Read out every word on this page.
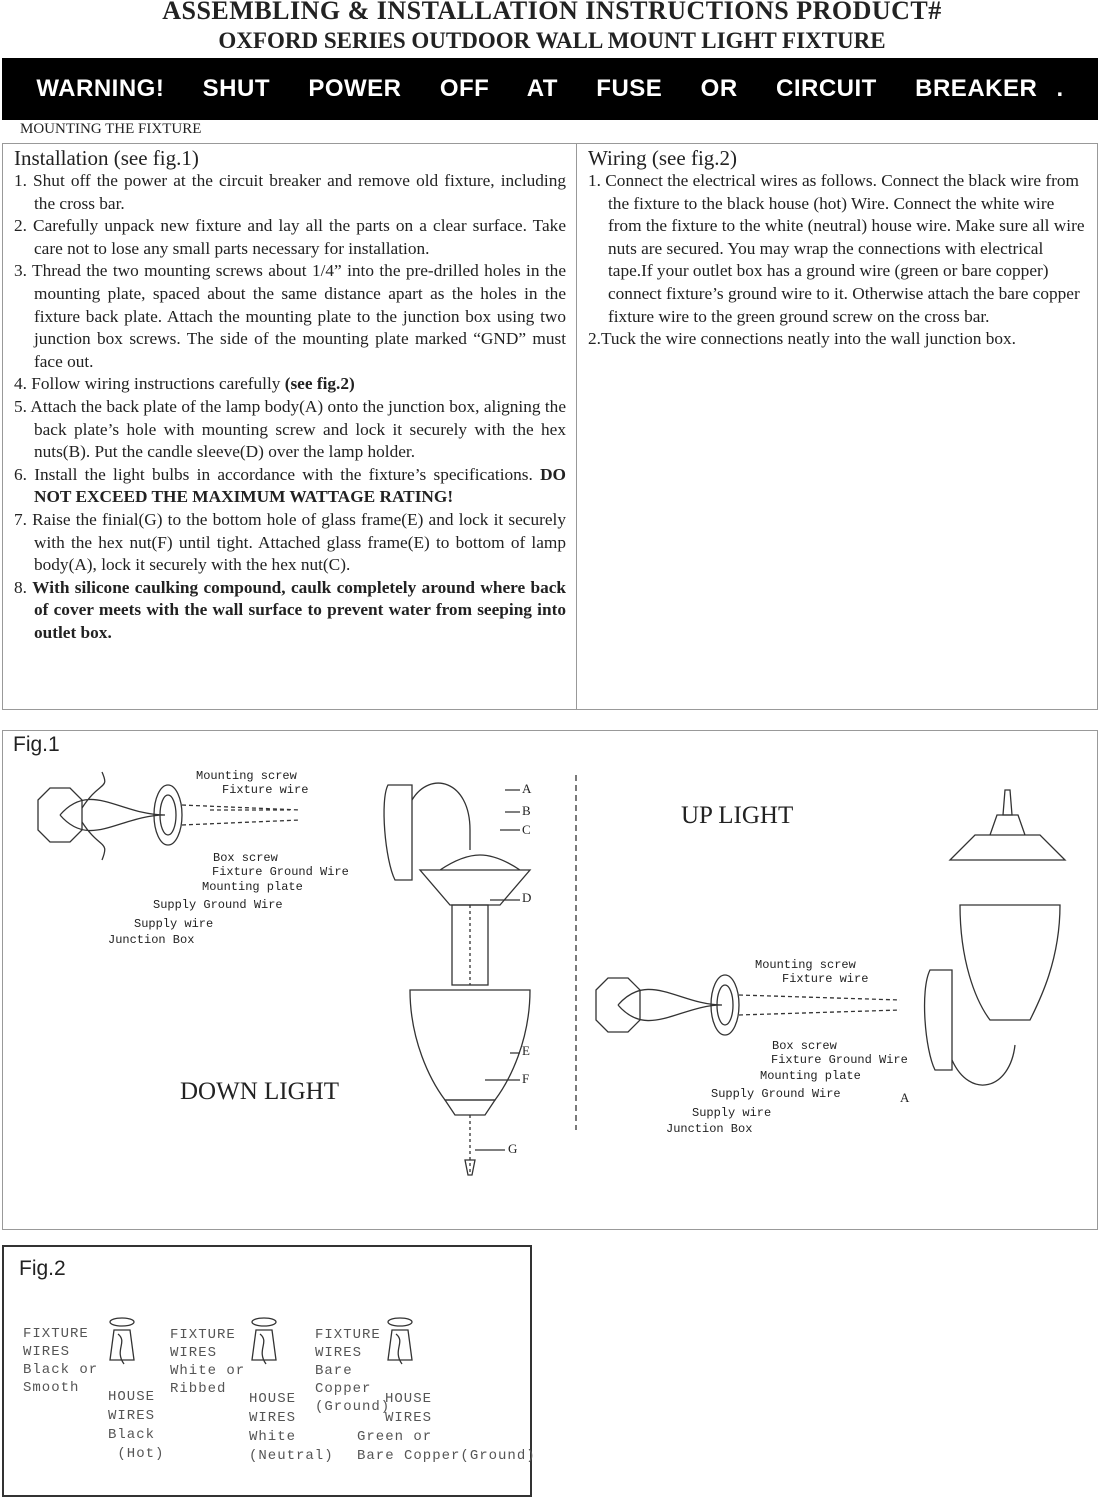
ASSEMBLING & INSTALLATION INSTRUCTIONS PRODUCT#
OXFORD SERIES OUTDOOR WALL MOUNT LIGHT FIXTURE
WARNING!  SHUT  POWER  OFF  AT  FUSE  OR  CIRCUIT  BREAKER .
MOUNTING THE FIXTURE
Installation (see fig.1)
1. Shut off the power at the circuit breaker and remove old fixture, including the cross bar.
2. Carefully unpack new fixture and lay all the parts on a clear surface. Take care not to lose any small parts necessary for installation.
3. Thread the two mounting screws about 1/4” into the pre-drilled holes in the mounting plate, spaced about the same distance apart as the holes in the fixture back plate. Attach the mounting plate to the junction box using two junction box screws. The side of the mounting plate marked “GND” must face out.
4. Follow wiring instructions carefully (see fig.2)
5. Attach the back plate of the lamp body(A) onto the junction box, aligning the back plate’s hole with mounting screw and lock it securely with the hex nuts(B). Put the candle sleeve(D) over the lamp holder.
6. Install the light bulbs in accordance with the fixture’s specifications. DO NOT EXCEED THE MAXIMUM WATTAGE RATING!
7. Raise the finial(G) to the bottom hole of glass frame(E) and lock it securely with the hex nut(F) until tight. Attached glass frame(E) to bottom of lamp body(A), lock it securely with the hex nut(C).
8. With silicone caulking compound, caulk completely around where back of cover meets with the wall surface to prevent water from seeping into outlet box.
Wiring (see fig.2)
1. Connect the electrical wires as follows. Connect the black wire from the fixture to the black house (hot) Wire. Connect the white wire from the fixture to the white (neutral) house wire. Make sure all wire nuts are secured. You may wrap the connections with electrical tape.If your outlet box has a ground wire (green or bare copper) connect fixture’s ground wire to it. Otherwise attach the bare copper fixture wire to the green ground screw on the cross bar.
2.Tuck the wire connections neatly into the wall junction box.
Fig.1
Mounting screw
Fixture wire
Box screw
Fixture Ground Wire
Mounting plate
Supply Ground Wire
Supply wire
Junction Box
A
B
C
D
E
F
G
DOWN LIGHT
UP LIGHT
Mounting screw
Fixture wire
Box screw
Fixture Ground Wire
Mounting plate
Supply Ground Wire
Supply wire
Junction Box
A
Fig.2
FIXTURE
WIRES
Black or
Smooth
HOUSE
WIRES
Black
(Hot)
FIXTURE
WIRES
White or
Ribbed
HOUSE
WIRES
White
(Neutral)
FIXTURE
WIRES
Bare
Copper
(Ground)
HOUSE
WIRES

Green or
Bare Copper(Ground)
